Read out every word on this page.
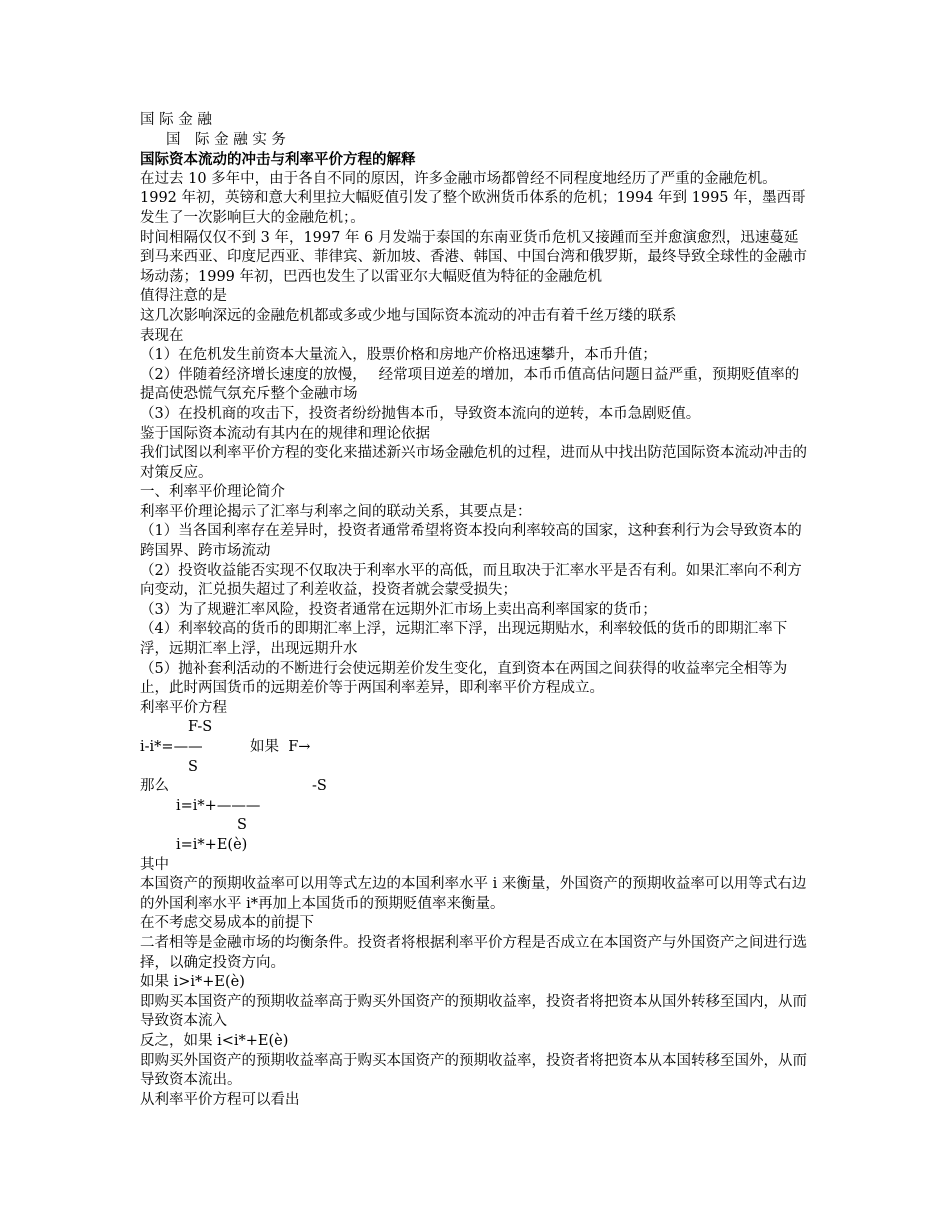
国 际 金 融

国　际 金 融 实 务

国际资本流动的冲击与利率平价方程的解释

在过去 10 多年中，由于各自不同的原因，许多金融市场都曾经不同程度地经历了严重的金融危机。

1992 年初，英镑和意大利里拉大幅贬值引发了整个欧洲货币体系的危机；1994 年到 1995 年，墨西哥发生了一次影响巨大的金融危机；。

时间相隔仅仅不到 3 年，1997 年 6 月发端于泰国的东南亚货币危机又接踵而至并愈演愈烈，迅速蔓延到马来西亚、印度尼西亚、菲律宾、新加坡、香港、韩国、中国台湾和俄罗斯，最终导致全球性的金融市场动荡；1999 年初，巴西也发生了以雷亚尔大幅贬值为特征的金融危机

值得注意的是

这几次影响深远的金融危机都或多或少地与国际资本流动的冲击有着千丝万缕的联系

表现在

（1）在危机发生前资本大量流入，股票价格和房地产价格迅速攀升，本币升值；

（2）伴随着经济增长速度的放慢，　 经常项目逆差的增加，本币币值高估问题日益严重，预期贬值率的提高使恐慌气氛充斥整个金融市场

（3）在投机商的攻击下，投资者纷纷抛售本币，导致资本流向的逆转，本币急剧贬值。

鉴于国际资本流动有其内在的规律和理论依据

我们试图以利率平价方程的变化来描述新兴市场金融危机的过程，进而从中找出防范国际资本流动冲击的对策反应。

一、利率平价理论简介

利率平价理论揭示了汇率与利率之间的联动关系，其要点是：

（1）当各国利率存在差异时，投资者通常希望将资本投向利率较高的国家，这种套利行为会导致资本的跨国界、跨市场流动

（2）投资收益能否实现不仅取决于利率水平的高低，而且取决于汇率水平是否有利。如果汇率向不利方向变动，汇兑损失超过了利差收益，投资者就会蒙受损失；

（3）为了规避汇率风险，投资者通常在远期外汇市场上卖出高利率国家的货币；

（4）利率较高的货币的即期汇率上浮，远期汇率下浮，出现远期贴水，利率较低的货币的即期汇率下浮，远期汇率上浮，出现远期升水

（5）抛补套利活动的不断进行会使远期差价发生变化，直到资本在两国之间获得的收益率完全相等为止，此时两国货币的远期差价等于两国利率差异，即利率平价方程成立。

利率平价方程

F-S

i-i*=——

	如果  F→

S

那么

	-S

i=i*+———
S
i=i*+E(è)

其中

本国资产的预期收益率可以用等式左边的本国利率水平 i 来衡量，外国资产的预期收益率可以用等式右边的外国利率水平 i*再加上本国货币的预期贬值率来衡量。

在不考虑交易成本的前提下

二者相等是金融市场的均衡条件。投资者将根据利率平价方程是否成立在本国资产与外国资产之间进行选择，以确定投资方向。

如果 i>i*+E(è)

即购买本国资产的预期收益率高于购买外国资产的预期收益率，投资者将把资本从国外转移至国内，从而导致资本流入

反之，如果 i<i*+E(è)

即购买外国资产的预期收益率高于购买本国资产的预期收益率，投资者将把资本从本国转移至国外，从而导致资本流出。

从利率平价方程可以看出
